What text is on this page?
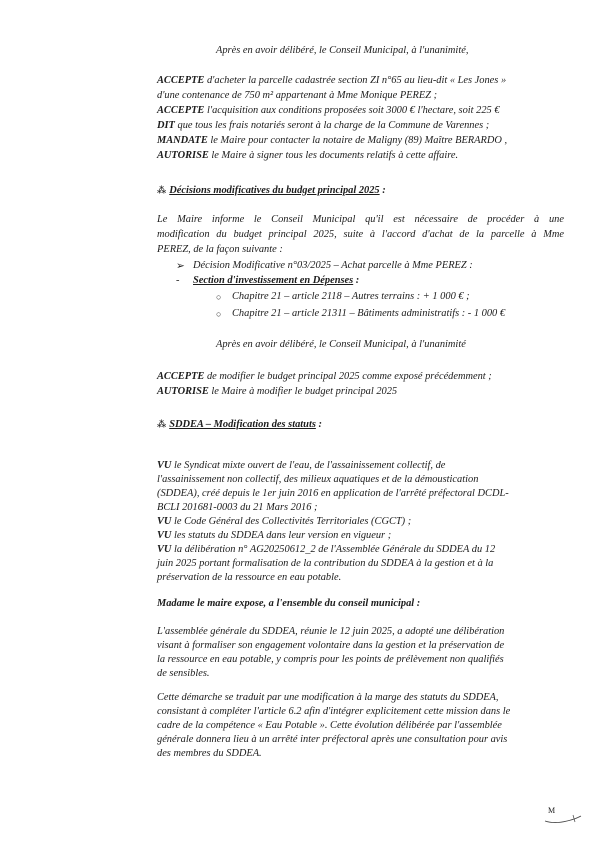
Après en avoir délibéré, le Conseil Municipal, à l'unanimité,
ACCEPTE d'acheter la parcelle cadastrée section ZI n°65 au lieu-dit « Les Jones »
d'une contenance de 750 m² appartenant à Mme Monique PEREZ ;
ACCEPTE l'acquisition aux conditions proposées soit 3000 € l'hectare, soit 225 €
DIT que tous les frais notariés seront à la charge de la Commune de Varennes ;
MANDATE le Maire pour contacter la notaire de Maligny (89) Maître BERARDO ,
AUTORISE le Maire à signer tous les documents relatifs à cette affaire.
⁂ Décisions modificatives du budget principal 2025 :
Le Maire informe le Conseil Municipal qu'il est nécessaire de procéder à une
modification du budget principal 2025, suite à l'accord d'achat de la parcelle à Mme
PEREZ, de la façon suivante :
➢ Décision Modificative n°03/2025 – Achat parcelle à Mme PEREZ :
- Section d'investissement en Dépenses :
○ Chapitre 21 – article 2118 – Autres terrains : + 1 000 € ;
○ Chapitre 21 – article 21311 – Bâtiments administratifs : - 1 000 €
Après en avoir délibéré, le Conseil Municipal, à l'unanimité
ACCEPTE de modifier le budget principal 2025 comme exposé précédemment ;
AUTORISE le Maire à modifier le budget principal 2025
⁂ SDDEA – Modification des statuts :
VU le Syndicat mixte ouvert de l'eau, de l'assainissement collectif, de
l'assainissement non collectif, des milieux aquatiques et de la démoustication
(SDDEA), créé depuis le 1er juin 2016 en application de l'arrêté préfectoral DCDL-
BCLI 201681-0003 du 21 Mars 2016 ;
VU le Code Général des Collectivités Territoriales (CGCT) ;
VU les statuts du SDDEA dans leur version en vigueur ;
VU la délibération n° AG20250612_2 de l'Assemblée Générale du SDDEA du 12
juin 2025 portant formalisation de la contribution du SDDEA à la gestion et à la
préservation de la ressource en eau potable.
Madame le maire expose, a l'ensemble du conseil municipal :
L'assemblée générale du SDDEA, réunie le 12 juin 2025, a adopté une délibération
visant à formaliser son engagement volontaire dans la gestion et la préservation de
la ressource en eau potable, y compris pour les points de prélèvement non qualifiés
de sensibles.
Cette démarche se traduit par une modification à la marge des statuts du SDDEA,
consistant à compléter l'article 6.2 afin d'intégrer explicitement cette mission dans le
cadre de la compétence « Eau Potable ». Cette évolution délibérée par l'assemblée
générale donnera lieu à un arrêté inter préfectoral après une consultation pour avis
des membres du SDDEA.
M
